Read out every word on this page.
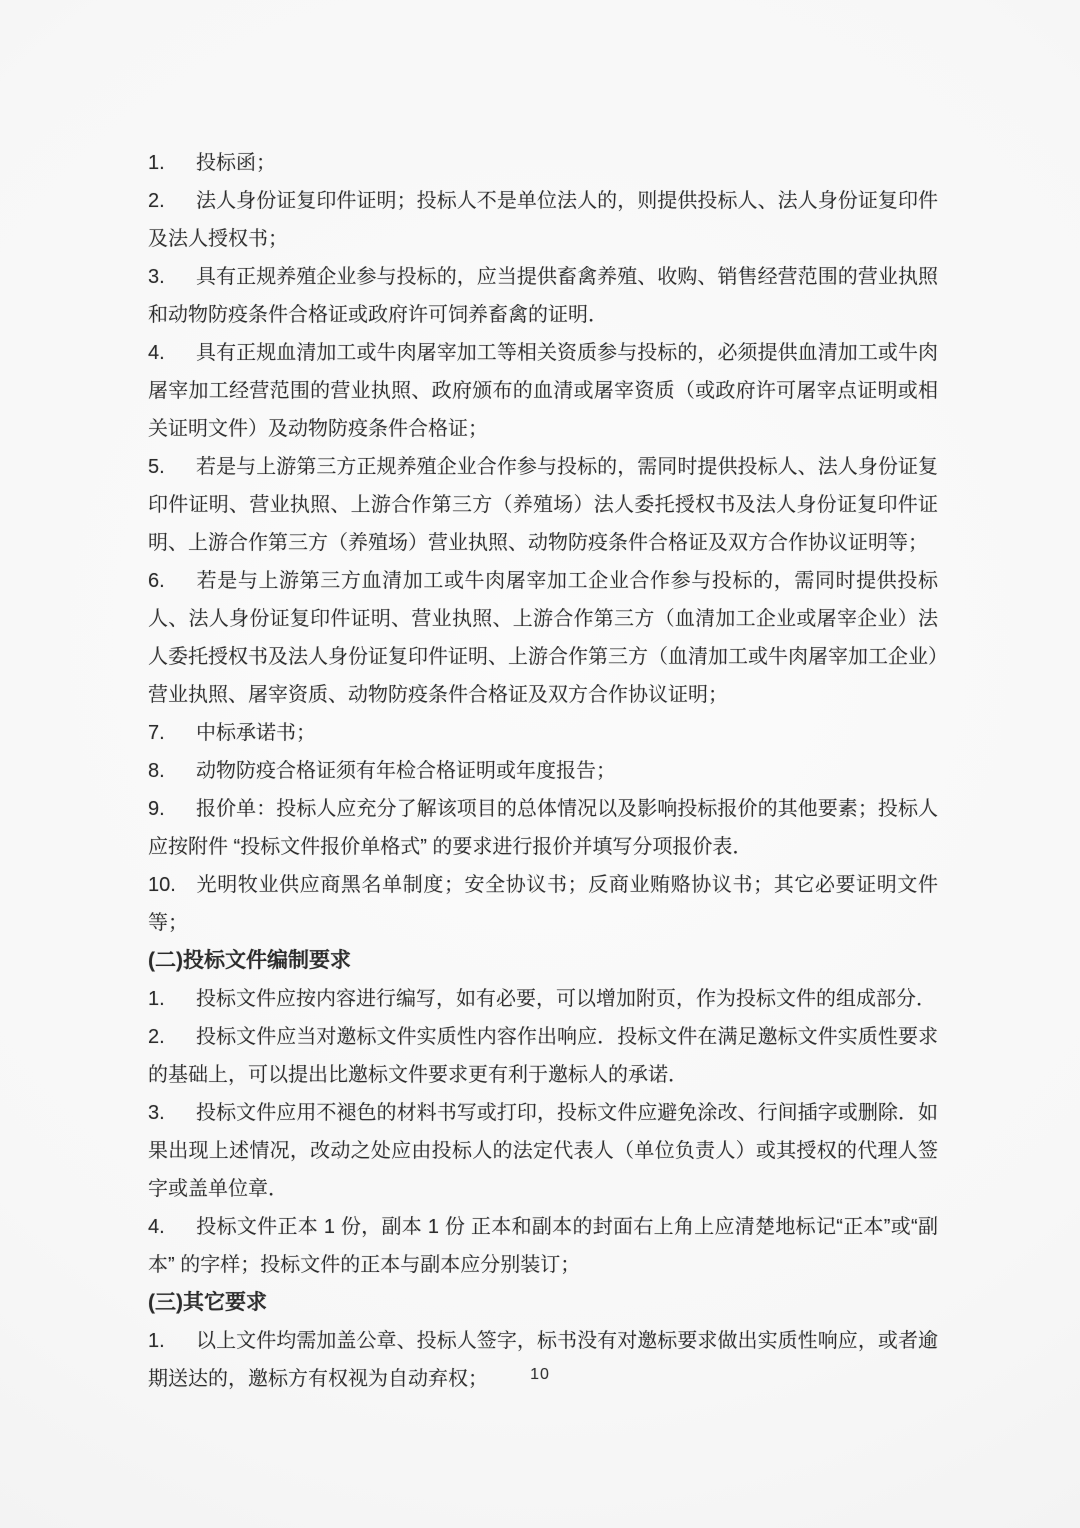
1. 投标函；

2. 法人身份证复印件证明；投标人不是单位法人的，则提供投标人、法人身份证复印件及法人授权书；

3. 具有正规养殖企业参与投标的，应当提供畜禽养殖、收购、销售经营范围的营业执照和动物防疫条件合格证或政府许可饲养畜禽的证明．

4. 具有正规血清加工或牛肉屠宰加工等相关资质参与投标的，必须提供血清加工或牛肉屠宰加工经营范围的营业执照、政府颁布的血清或屠宰资质（或政府许可屠宰点证明或相关证明文件）及动物防疫条件合格证；

5. 若是与上游第三方正规养殖企业合作参与投标的，需同时提供投标人、法人身份证复印件证明、营业执照、上游合作第三方（养殖场）法人委托授权书及法人身份证复印件证明、上游合作第三方（养殖场）营业执照、动物防疫条件合格证及双方合作协议证明等；

6. 若是与上游第三方血清加工或牛肉屠宰加工企业合作参与投标的，需同时提供投标人、法人身份证复印件证明、营业执照、上游合作第三方（血清加工企业或屠宰企业）法人委托授权书及法人身份证复印件证明、上游合作第三方（血清加工或牛肉屠宰加工企业）营业执照、屠宰资质、动物防疫条件合格证及双方合作协议证明；

7. 中标承诺书；

8. 动物防疫合格证须有年检合格证明或年度报告；

9. 报价单：投标人应充分了解该项目的总体情况以及影响投标报价的其他要素；投标人应按附件 “投标文件报价单格式” 的要求进行报价并填写分项报价表．

10. 光明牧业供应商黑名单制度；安全协议书；反商业贿赂协议书；其它必要证明文件等；

(二)投标文件编制要求

1. 投标文件应按内容进行编写，如有必要，可以增加附页，作为投标文件的组成部分．

2. 投标文件应当对邀标文件实质性内容作出响应．投标文件在满足邀标文件实质性要求的基础上，可以提出比邀标文件要求更有利于邀标人的承诺．

3. 投标文件应用不褪色的材料书写或打印，投标文件应避免涂改、行间插字或删除．如果出现上述情况，改动之处应由投标人的法定代表人（单位负责人）或其授权的代理人签字或盖单位章．

4. 投标文件正本 1 份，副本 1 份 正本和副本的封面右上角上应清楚地标记“正本”或“副本” 的字样；投标文件的正本与副本应分别装订；

(三)其它要求

1. 以上文件均需加盖公章、投标人签字，标书没有对邀标要求做出实质性响应，或者逾期送达的，邀标方有权视为自动弃权；	10
